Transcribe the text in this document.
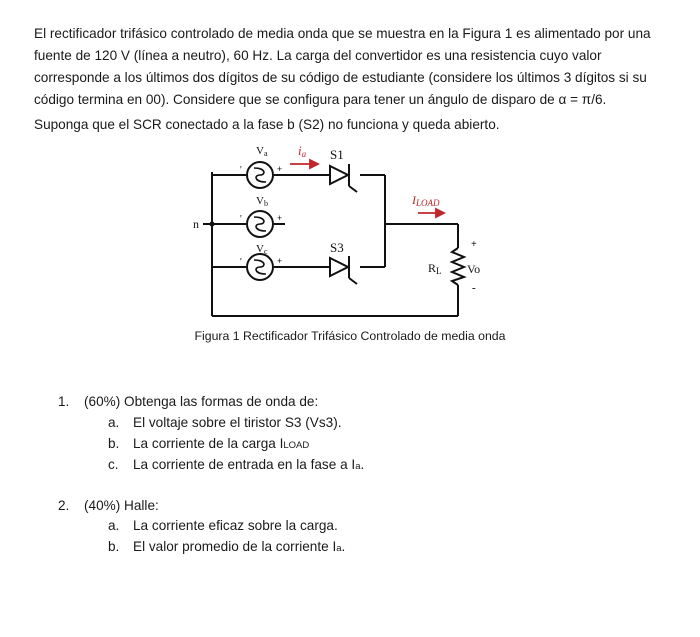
El rectificador trifásico controlado de media onda que se muestra en la Figura 1 es alimentado por una fuente de 120 V (línea a neutro), 60 Hz. La carga del convertidor es una resistencia cuyo valor corresponde a los últimos dos dígitos de su código de estudiante (considere los últimos 3 dígitos si su código termina en 00). Considere que se configura para tener un ángulo de disparo de α = π/6.

Suponga que el SCR conectado a la fase b (S2) no funciona y queda abierto.

Va
Vb
Vc
ia S1
S3
ILOAD
n
RL Vo
+
+
+
'
'
'
+
-
Figura 1 Rectificador Trifásico Controlado de media onda
1. (60%) Obtenga las formas de onda de:
a. El voltaje sobre el tiristor S3 (Vs3).
b. La corriente de la carga ILOAD
c. La corriente de entrada en la fase a Ia.
2. (40%) Halle:
a. La corriente eficaz sobre la carga.
b. El valor promedio de la corriente Ia.
